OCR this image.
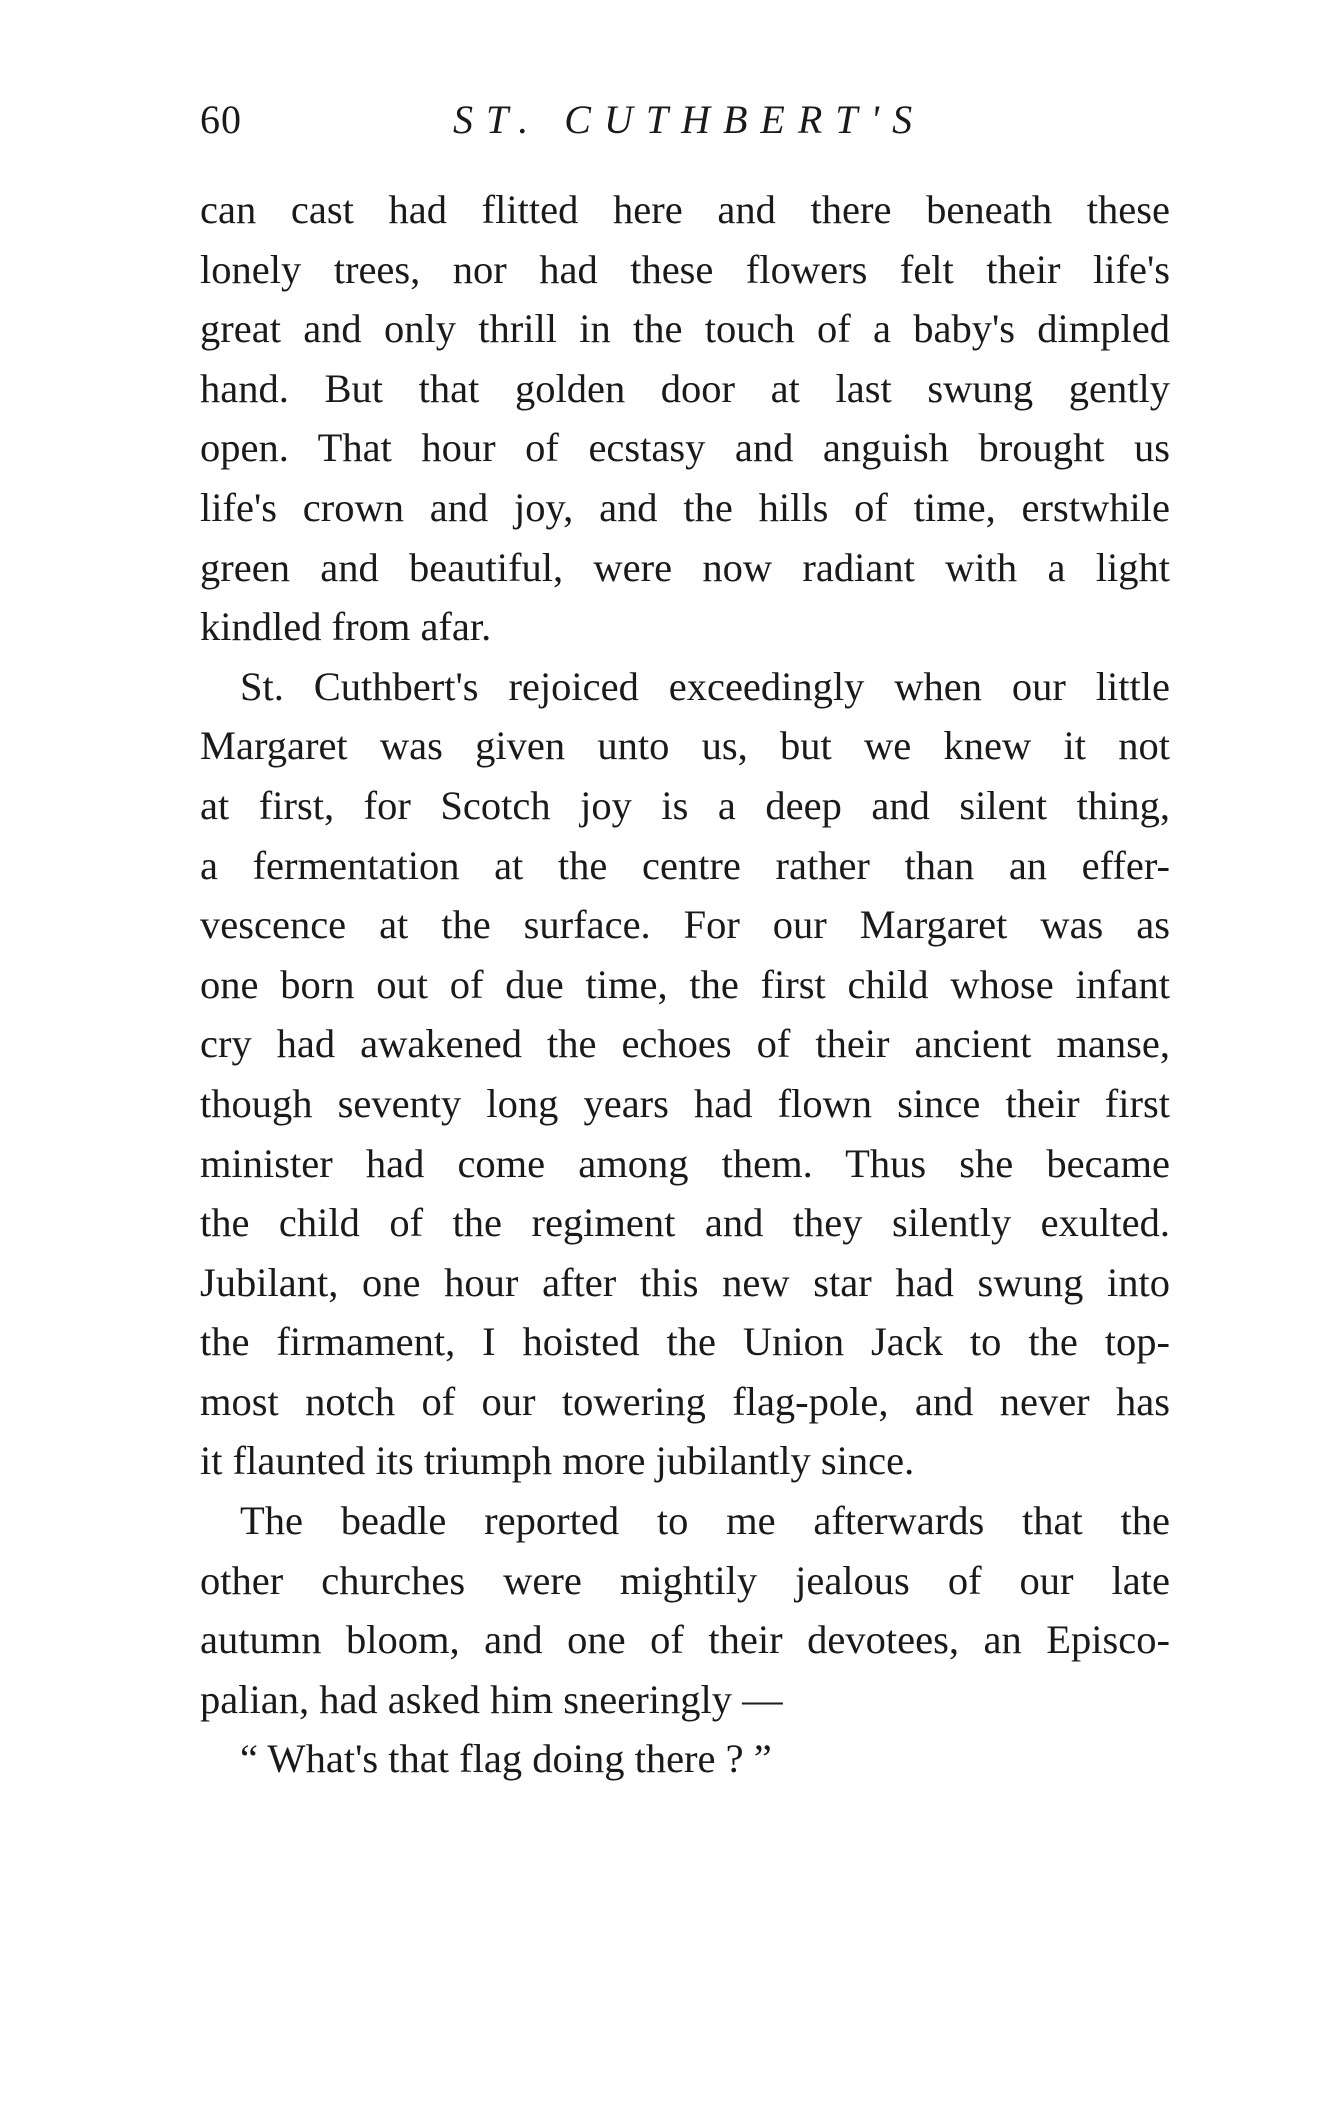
60	ST. CUTHBERT'S
can cast had flitted here and there beneath these
lonely trees, nor had these flowers felt their life's
great and only thrill in the touch of a baby's dimpled
hand. But that golden door at last swung gently
open. That hour of ecstasy and anguish brought us
life's crown and joy, and the hills of time, erstwhile
green and beautiful, were now radiant with a light
kindled from afar.
St. Cuthbert's rejoiced exceedingly when our little
Margaret was given unto us, but we knew it not
at first, for Scotch joy is a deep and silent thing,
a fermentation at the centre rather than an effer-
vescence at the surface. For our Margaret was as
one born out of due time, the first child whose infant
cry had awakened the echoes of their ancient manse,
though seventy long years had flown since their first
minister had come among them. Thus she became
the child of the regiment and they silently exulted.
Jubilant, one hour after this new star had swung into
the firmament, I hoisted the Union Jack to the top-
most notch of our towering flag-pole, and never has
it flaunted its triumph more jubilantly since.
The beadle reported to me afterwards that the
other churches were mightily jealous of our late
autumn bloom, and one of their devotees, an Episco-
palian, had asked him sneeringly —
“ What's that flag doing there ? ”
